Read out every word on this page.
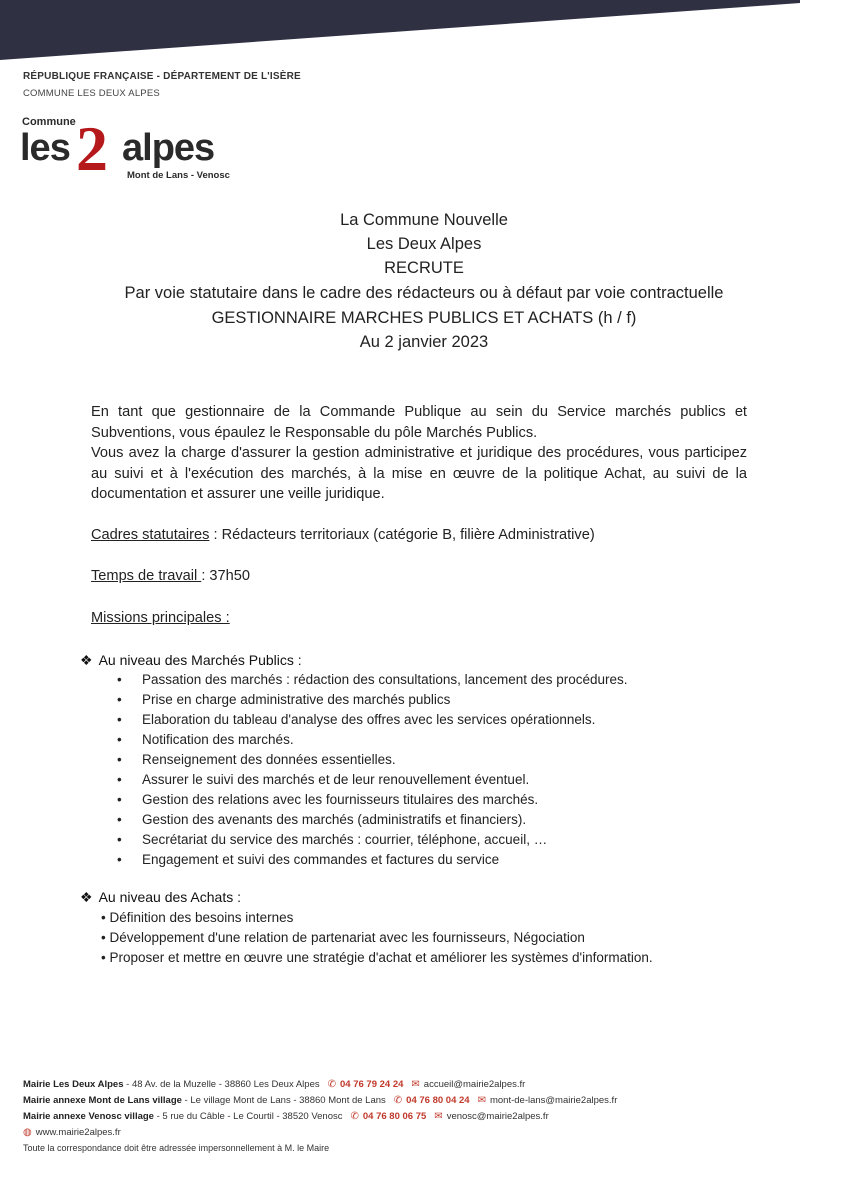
RÉPUBLIQUE FRANÇAISE - DÉPARTEMENT DE L'ISÈRE
COMMUNE LES DEUX ALPES
Commune
les 2 alpes
Mont de Lans - Venosc
La Commune Nouvelle
Les Deux Alpes
RECRUTE
Par voie statutaire dans le cadre des rédacteurs ou à défaut par voie contractuelle
GESTIONNAIRE MARCHES PUBLICS ET ACHATS (h / f)
Au 2 janvier 2023
En tant que gestionnaire de la Commande Publique au sein du Service marchés publics et Subventions, vous épaulez le Responsable du pôle Marchés Publics.
Vous avez la charge d'assurer la gestion administrative et juridique des procédures, vous participez au suivi et à l'exécution des marchés, à la mise en œuvre de la politique Achat, au suivi de la documentation et assurer une veille juridique.
Cadres statutaires : Rédacteurs territoriaux (catégorie B, filière Administrative)
Temps de travail : 37h50
Missions principales :
❖ Au niveau des Marchés Publics :
• Passation des marchés : rédaction des consultations, lancement des procédures.
• Prise en charge administrative des marchés publics
• Elaboration du tableau d'analyse des offres avec les services opérationnels.
• Notification des marchés.
• Renseignement des données essentielles.
• Assurer le suivi des marchés et de leur renouvellement éventuel.
• Gestion des relations avec les fournisseurs titulaires des marchés.
• Gestion des avenants des marchés (administratifs et financiers).
• Secrétariat du service des marchés : courrier, téléphone, accueil, …
• Engagement et suivi des commandes et factures du service
❖ Au niveau des Achats :
• Définition des besoins internes
• Développement d'une relation de partenariat avec les fournisseurs, Négociation
• Proposer et mettre en œuvre une stratégie d'achat et améliorer les systèmes d'information.
Mairie Les Deux Alpes - 48 Av. de la Muzelle - 38860 Les Deux Alpes ✆ 04 76 79 24 24 ✉ accueil@mairie2alpes.fr
Mairie annexe Mont de Lans village - Le village Mont de Lans - 38860 Mont de Lans ✆ 04 76 80 04 24 ✉ mont-de-lans@mairie2alpes.fr
Mairie annexe Venosc village - 5 rue du Câble - Le Courtil - 38520 Venosc ✆ 04 76 80 06 75 ✉ venosc@mairie2alpes.fr
◍ www.mairie2alpes.fr
Toute la correspondance doit être adressée impersonnellement à M. le Maire
